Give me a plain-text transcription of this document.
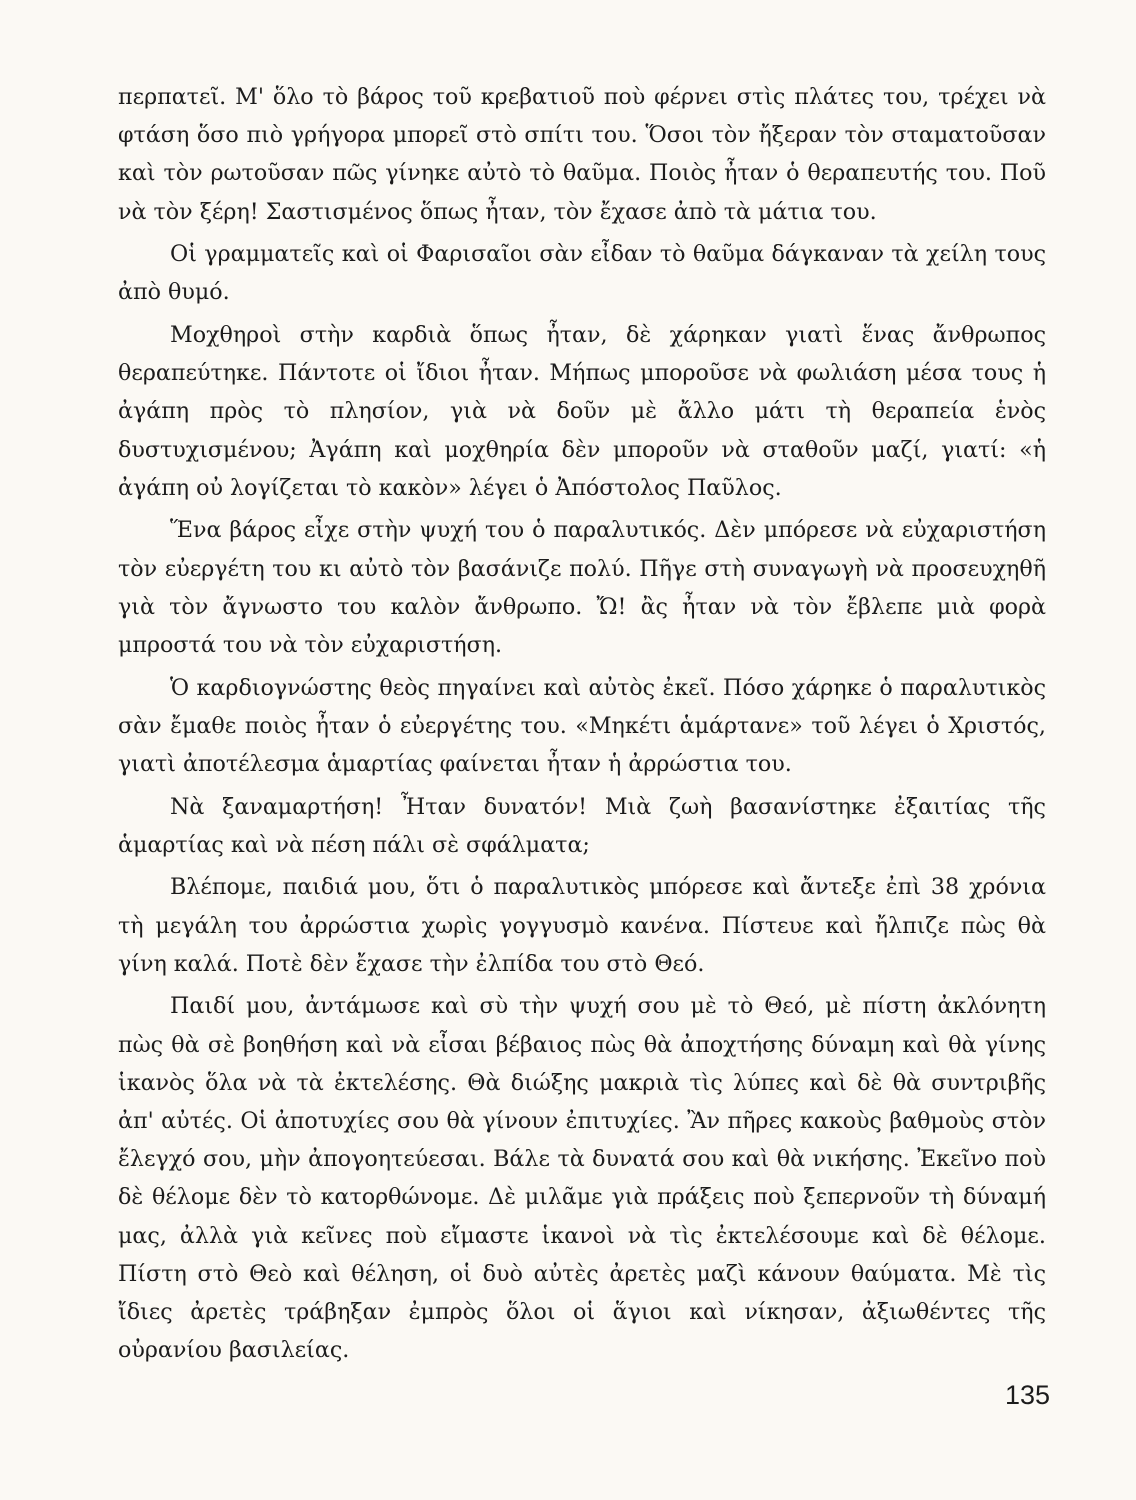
περπατεῖ. Μ' ὅλο τὸ βάρος τοῦ κρεβατιοῦ ποὺ φέρνει στὶς πλάτες του, τρέχει νὰ φτάση ὅσο πιὸ γρήγορα μπορεῖ στὸ σπίτι του. Ὅσοι τὸν ἤξεραν τὸν σταματοῦσαν καὶ τὸν ρωτοῦσαν πῶς γίνηκε αὐτὸ τὸ θαῦμα. Ποιὸς ἦταν ὁ θεραπευτής του. Ποῦ νὰ τὸν ξέρη! Σαστισμένος ὅπως ἦταν, τὸν ἔχασε ἀπὸ τὰ μάτια του.

Οἱ γραμματεῖς καὶ οἱ Φαρισαῖοι σὰν εἶδαν τὸ θαῦμα δάγκαναν τὰ χείλη τους ἀπὸ θυμό.

Μοχθηροὶ στὴν καρδιὰ ὅπως ἦταν, δὲ χάρηκαν γιατὶ ἕνας ἄνθρωπος θεραπεύτηκε. Πάντοτε οἱ ἴδιοι ἦταν. Μήπως μποροῦσε νὰ φωλιάση μέσα τους ἡ ἀγάπη πρὸς τὸ πλησίον, γιὰ νὰ δοῦν μὲ ἄλλο μάτι τὴ θεραπεία ἑνὸς δυστυχισμένου; Ἀγάπη καὶ μοχθηρία δὲν μποροῦν νὰ σταθοῦν μαζί, γιατί: «ἡ ἀγάπη οὐ λογίζεται τὸ κακὸν» λέγει ὁ Ἀπόστολος Παῦλος.

Ἕνα βάρος εἶχε στὴν ψυχή του ὁ παραλυτικός. Δὲν μπόρεσε νὰ εὐχαριστήση τὸν εὐεργέτη του κι αὐτὸ τὸν βασάνιζε πολύ. Πῆγε στὴ συναγωγὴ νὰ προσευχηθῆ γιὰ τὸν ἄγνωστο του καλὸν ἄνθρωπο. Ὤ! ἂς ἦταν νὰ τὸν ἔβλεπε μιὰ φορὰ μπροστά του νὰ τὸν εὐχαριστήση.

Ὁ καρδιογνώστης θεὸς πηγαίνει καὶ αὐτὸς ἐκεῖ. Πόσο χάρηκε ὁ παραλυτικὸς σὰν ἔμαθε ποιὸς ἦταν ὁ εὐεργέτης του. «Μηκέτι ἁμάρτανε» τοῦ λέγει ὁ Χριστός, γιατὶ ἀποτέλεσμα ἁμαρτίας φαίνεται ἦταν ἡ ἀρρώστια του.

Νὰ ξαναμαρτήση! Ἦταν δυνατόν! Μιὰ ζωὴ βασανίστηκε ἐξαιτίας τῆς ἁμαρτίας καὶ νὰ πέση πάλι σὲ σφάλματα;

Βλέπομε, παιδιά μου, ὅτι ὁ παραλυτικὸς μπόρεσε καὶ ἄντεξε ἐπὶ 38 χρόνια τὴ μεγάλη του ἀρρώστια χωρὶς γογγυσμὸ κανένα. Πίστευε καὶ ἤλπιζε πὼς θὰ γίνη καλά. Ποτὲ δὲν ἔχασε τὴν ἐλπίδα του στὸ Θεό.

Παιδί μου, ἀντάμωσε καὶ σὺ τὴν ψυχή σου μὲ τὸ Θεό, μὲ πίστη ἀκλόνητη πὼς θὰ σὲ βοηθήση καὶ νὰ εἶσαι βέβαιος πὼς θὰ ἀποχτήσης δύναμη καὶ θὰ γίνης ἱκανὸς ὅλα νὰ τὰ ἐκτελέσης. Θὰ διώξης μακριὰ τὶς λύπες καὶ δὲ θὰ συντριβῆς ἀπ' αὐτές. Οἱ ἀποτυχίες σου θὰ γίνουν ἐπιτυχίες. Ἂν πῆρες κακοὺς βαθμοὺς στὸν ἔλεγχό σου, μὴν ἀπογοητεύεσαι. Βάλε τὰ δυνατά σου καὶ θὰ νικήσης. Ἐκεῖνο ποὺ δὲ θέλομε δὲν τὸ κατορθώνομε. Δὲ μιλᾶμε γιὰ πράξεις ποὺ ξεπερνοῦν τὴ δύναμή μας, ἀλλὰ γιὰ κεῖνες ποὺ εἴμαστε ἱκανοὶ νὰ τὶς ἐκτελέσουμε καὶ δὲ θέλομε. Πίστη στὸ Θεὸ καὶ θέληση, οἱ δυὸ αὐτὲς ἀρετὲς μαζὶ κάνουν θαύματα. Μὲ τὶς ἴδιες ἀρετὲς τράβηξαν ἐμπρὸς ὅλοι οἱ ἅγιοι καὶ νίκησαν, ἀξιωθέντες τῆς οὐρανίου βασιλείας.

135
